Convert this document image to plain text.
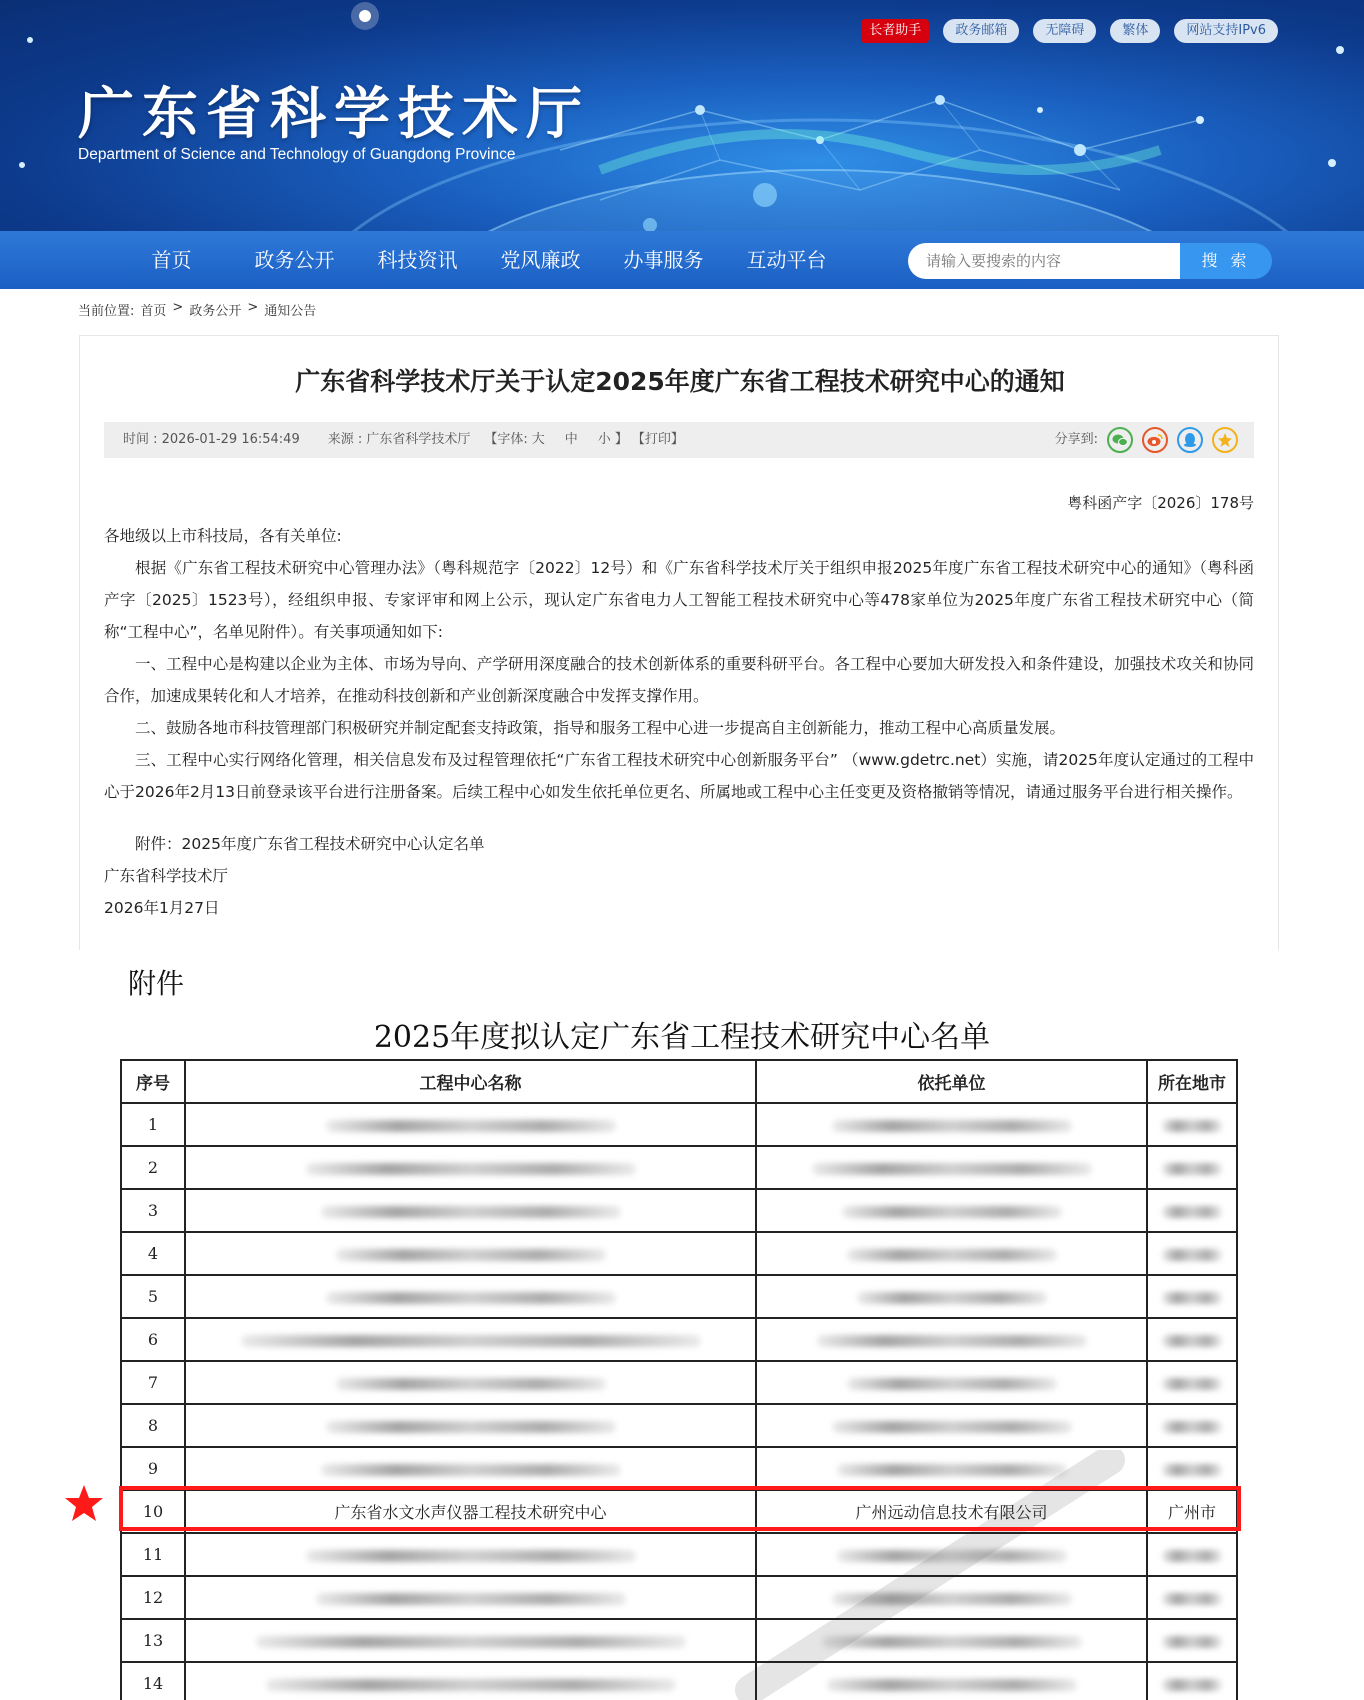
广东省科学技术厅
Department of Science and Technology of Guangdong Province
长者助手	政务邮箱	无障碍	繁体	网站支持IPv6
首页	政务公开	科技资讯	党风廉政	办事服务	互动平台
请输入要搜索的内容	搜 索
当前位置: 首页 > 政务公开 > 通知公告
广东省科学技术厅关于认定2025年度广东省工程技术研究中心的通知
时间 : 2026-01-29 16:54:49 来源 : 广东省科学技术厅 【字体: 大 中 小 】 【打印】	分享到:
粤科函产字〔2026〕178号

各地级以上市科技局，各有关单位:

根据《广东省工程技术研究中心管理办法》（粤科规范字〔2022〕12号）和《广东省科学技术厅关于组织申报2025年度广东省工程技术研究中心的通知》（粤科函产字〔2025〕1523号），经组织申报、专家评审和网上公示，现认定广东省电力人工智能工程技术研究中心等478家单位为2025年度广东省工程技术研究中心（简称“工程中心”，名单见附件）。有关事项通知如下:

一、工程中心是构建以企业为主体、市场为导向、产学研用深度融合的技术创新体系的重要科研平台。各工程中心要加大研发投入和条件建设，加强技术攻关和协同合作，加速成果转化和人才培养，在推动科技创新和产业创新深度融合中发挥支撑作用。

二、鼓励各地市科技管理部门积极研究并制定配套支持政策，指导和服务工程中心进一步提高自主创新能力，推动工程中心高质量发展。

三、工程中心实行网络化管理，相关信息发布及过程管理依托“广东省工程技术研究中心创新服务平台” （www.gdetrc.net）实施，请2025年度认定通过的工程中心于2026年2月13日前登录该平台进行注册备案。后续工程中心如发生依托单位更名、所属地或工程中心主任变更及资格撤销等情况，请通过服务平台进行相关操作。

附件：2025年度广东省工程技术研究中心认定名单

广东省科学技术厅

2026年1月27日

附件
2025年度拟认定广东省工程技术研究中心名单
序号	工程中心名称	依托单位	所在地市
1			
2			
3			
4			
5			
6			
7			
8			
9			
10	广东省水文水声仪器工程技术研究中心	广州远动信息技术有限公司	广州市
11			
12			
13			
14			
